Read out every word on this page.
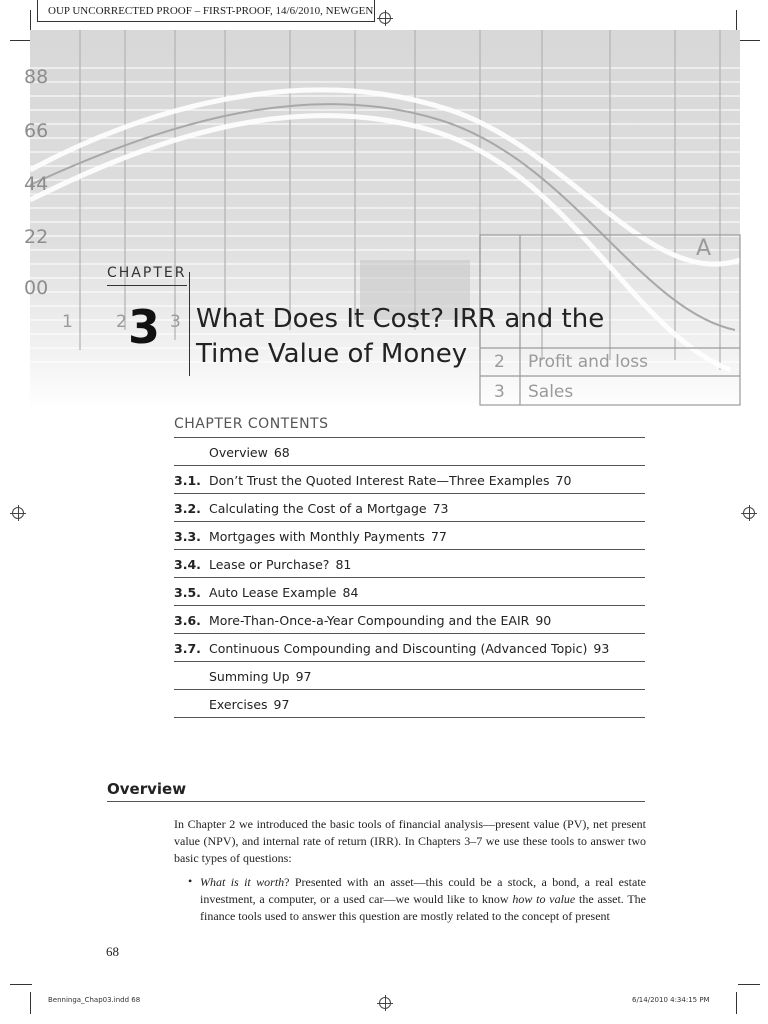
OUP UNCORRECTED PROOF – FIRST-PROOF, 14/6/2010, NEWGEN
88
66
44
22
00
1	2	3
2 Profit and loss
3 Sales
A
CHAPTER
3 What Does It Cost? IRR and the
Time Value of Money
CHAPTER CONTENTS
Overview 68
3.1. Don’t Trust the Quoted Interest Rate—Three Examples 70
3.2. Calculating the Cost of a Mortgage 73
3.3. Mortgages with Monthly Payments 77
3.4. Lease or Purchase? 81
3.5. Auto Lease Example 84
3.6. More-Than-Once-a-Year Compounding and the EAIR 90
3.7. Continuous Compounding and Discounting (Advanced Topic) 93
Summing Up 97
Exercises 97
Overview
In Chapter 2 we introduced the basic tools of financial analysis—present value (PV), net present value (NPV), and internal rate of return (IRR). In Chapters 3–7 we use these tools to answer two basic types of questions:
• What is it worth? Presented with an asset—this could be a stock, a bond, a real estate investment, a computer, or a used car—we would like to know how to value the asset. The finance tools used to answer this question are mostly related to the concept of present
68
Benninga_Chap03.indd 68	6/14/2010 4:34:15 PM
